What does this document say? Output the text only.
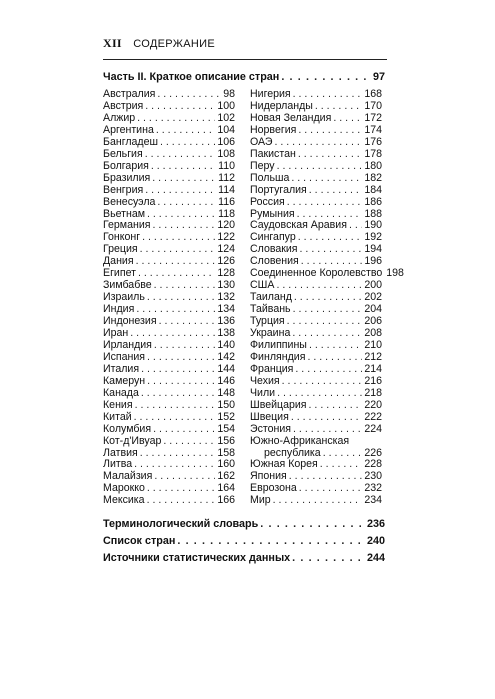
XII СОДЕРЖАНИЕ
Часть II. Краткое описание стран . . .	97
Австралия . . .	98
Австрия . . .	100
Алжир . . .	102
Аргентина . . .	104
Бангладеш . . .	106
Бельгия . . .	108
Болгария . . .	110
Бразилия . . .	112
Венгрия . . .	114
Венесуэла . . .	116
Вьетнам . . .	118
Германия . . .	120
Гонконг . . .	122
Греция . . .	124
Дания . . .	126
Египет . . .	128
Зимбабве . . .	130
Израиль . . .	132
Индия . . .	134
Индонезия . . .	136
Иран . . .	138
Ирландия . . .	140
Испания . . .	142
Италия . . .	144
Камерун . . .	146
Канада . . .	148
Кения . . .	150
Китай . . .	152
Колумбия . . .	154
Кот-д'Ивуар . . .	156
Латвия . . .	158
Литва . . .	160
Малайзия . . .	162
Марокко . . .	164
Мексика . . .	166
Нигерия . . .	168
Нидерланды . . .	170
Новая Зеландия . . .	172
Норвегия . . .	174
ОАЭ . . .	176
Пакистан . . .	178
Перу . . .	180
Польша . . .	182
Португалия . . .	184
Россия . . .	186
Румыния . . .	188
Саудовская Аравия . . . 190
Сингапур . . .	192
Словакия . . .	194
Словения . . .	196
Соединенное Королевство 198
США . . .	200
Таиланд . . .	202
Тайвань . . .	204
Турция . . .	206
Украина . . .	208
Филиппины . . .	210
Финляндия . . .	212
Франция . . .	214
Чехия . . .	216
Чили . . .	218
Швейцария . . .	220
Швеция . . .	222
Эстония . . .	224
Южно-Африканская
республика . . .	226
Южная Корея . . .	228
Япония . . .	230
Еврозона . . .	232
Мир . . .	234
Терминологический словарь . . .	236
Список стран . . .	240
Источники статистических данных . . .	244
